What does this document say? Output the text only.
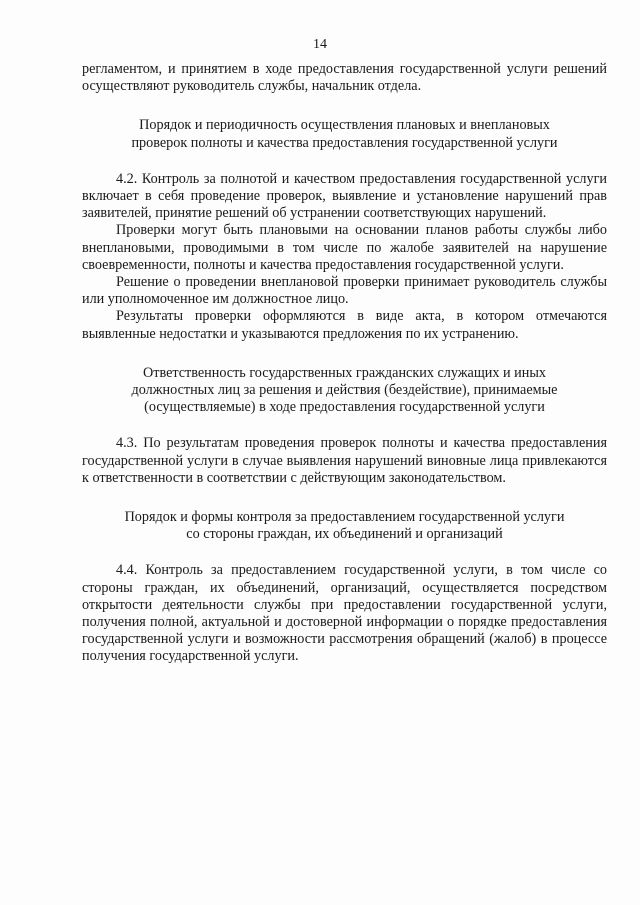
14

регламентом, и принятием в ходе предоставления государственной услуги решений осуществляют руководитель службы, начальник отдела.

Порядок и периодичность осуществления плановых и внеплановых проверок полноты и качества предоставления государственной услуги

4.2. Контроль за полнотой и качеством предоставления государственной услуги включает в себя проведение проверок, выявление и установление нарушений прав заявителей, принятие решений об устранении соответствующих нарушений.

Проверки могут быть плановыми на основании планов работы службы либо внеплановыми, проводимыми в том числе по жалобе заявителей на нарушение своевременности, полноты и качества предоставления государственной услуги.

Решение о проведении внеплановой проверки принимает руководитель службы или уполномоченное им должностное лицо.

Результаты проверки оформляются в виде акта, в котором отмечаются выявленные недостатки и указываются предложения по их устранению.

Ответственность государственных гражданских служащих и иных должностных лиц за решения и действия (бездействие), принимаемые (осуществляемые) в ходе предоставления государственной услуги

4.3. По результатам проведения проверок полноты и качества предоставления государственной услуги в случае выявления нарушений виновные лица привлекаются к ответственности в соответствии с действующим законодательством.

Порядок и формы контроля за предоставлением государственной услуги со стороны граждан, их объединений и организаций

4.4. Контроль за предоставлением государственной услуги, в том числе со стороны граждан, их объединений, организаций, осуществляется посредством открытости деятельности службы при предоставлении государственной услуги, получения полной, актуальной и достоверной информации о порядке предоставления государственной услуги и возможности рассмотрения обращений (жалоб) в процессе получения государственной услуги.
